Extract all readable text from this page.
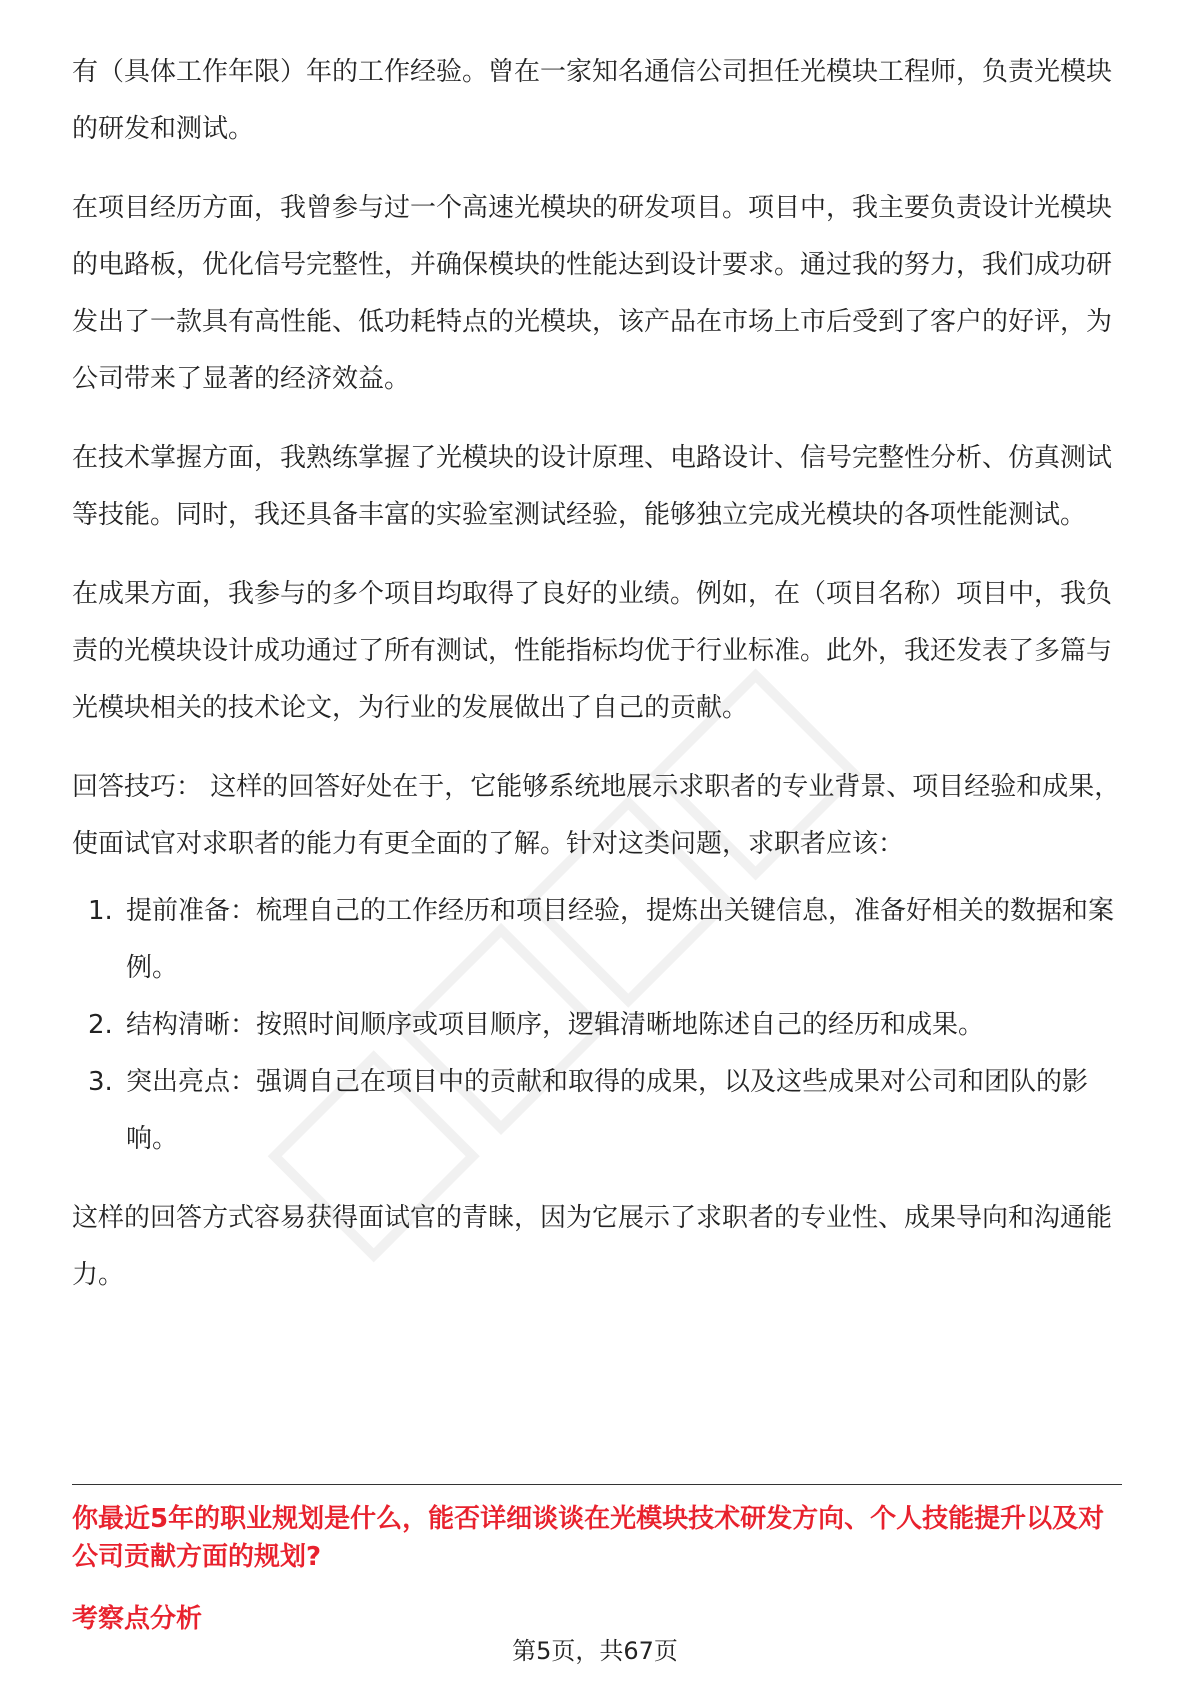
有（具体工作年限）年的工作经验。曾在一家知名通信公司担任光模块工程师，负责光模块的研发和测试。

在项目经历方面，我曾参与过一个高速光模块的研发项目。项目中，我主要负责设计光模块的电路板，优化信号完整性，并确保模块的性能达到设计要求。通过我的努力，我们成功研发出了一款具有高性能、低功耗特点的光模块，该产品在市场上市后受到了客户的好评，为公司带来了显著的经济效益。

在技术掌握方面，我熟练掌握了光模块的设计原理、电路设计、信号完整性分析、仿真测试等技能。同时，我还具备丰富的实验室测试经验，能够独立完成光模块的各项性能测试。

在成果方面，我参与的多个项目均取得了良好的业绩。例如，在（项目名称）项目中，我负责的光模块设计成功通过了所有测试，性能指标均优于行业标准。此外，我还发表了多篇与光模块相关的技术论文，为行业的发展做出了自己的贡献。

回答技巧： 这样的回答好处在于，它能够系统地展示求职者的专业背景、项目经验和成果，使面试官对求职者的能力有更全面的了解。针对这类问题，求职者应该：

1. 提前准备：梳理自己的工作经历和项目经验，提炼出关键信息，准备好相关的数据和案例。
2. 结构清晰：按照时间顺序或项目顺序，逻辑清晰地陈述自己的经历和成果。
3. 突出亮点：强调自己在项目中的贡献和取得的成果，以及这些成果对公司和团队的影响。

这样的回答方式容易获得面试官的青睐，因为它展示了求职者的专业性、成果导向和沟通能力。

你最近5年的职业规划是什么，能否详细谈谈在光模块技术研发方向、个人技能提升以及对公司贡献方面的规划?
考察点分析
第5页，共67页
